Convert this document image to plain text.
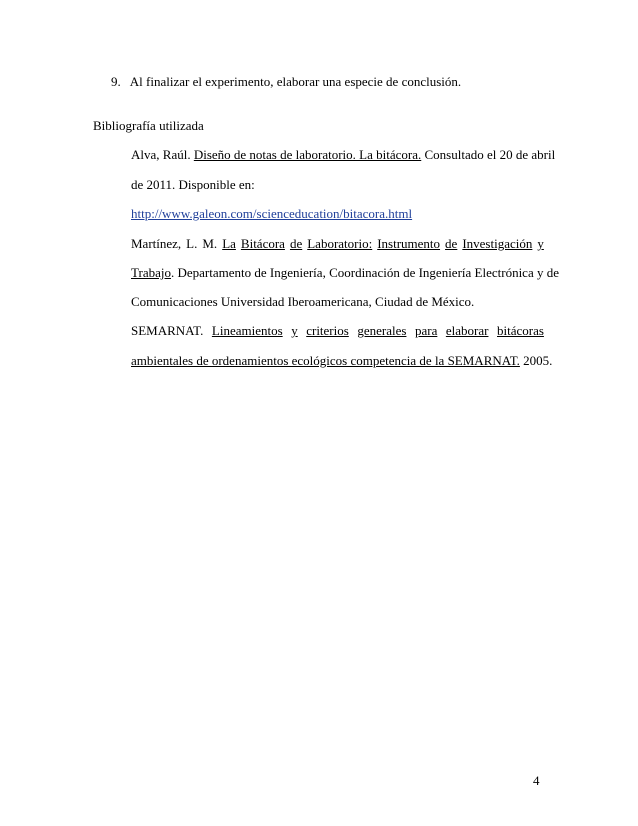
9. Al finalizar el experimento, elaborar una especie de conclusión.
Bibliografía utilizada
Alva, Raúl. Diseño de notas de laboratorio. La bitácora. Consultado el 20 de abril
de 2011. Disponible en:
http://www.galeon.com/scienceducation/bitacora.html
Martínez, L. M. La Bitácora de Laboratorio: Instrumento de Investigación y
Trabajo. Departamento de Ingeniería, Coordinación de Ingeniería Electrónica y de
Comunicaciones Universidad Iberoamericana, Ciudad de México.
SEMARNAT. Lineamientos y criterios generales para elaborar bitácoras
ambientales de ordenamientos ecológicos competencia de la SEMARNAT. 2005.
4
